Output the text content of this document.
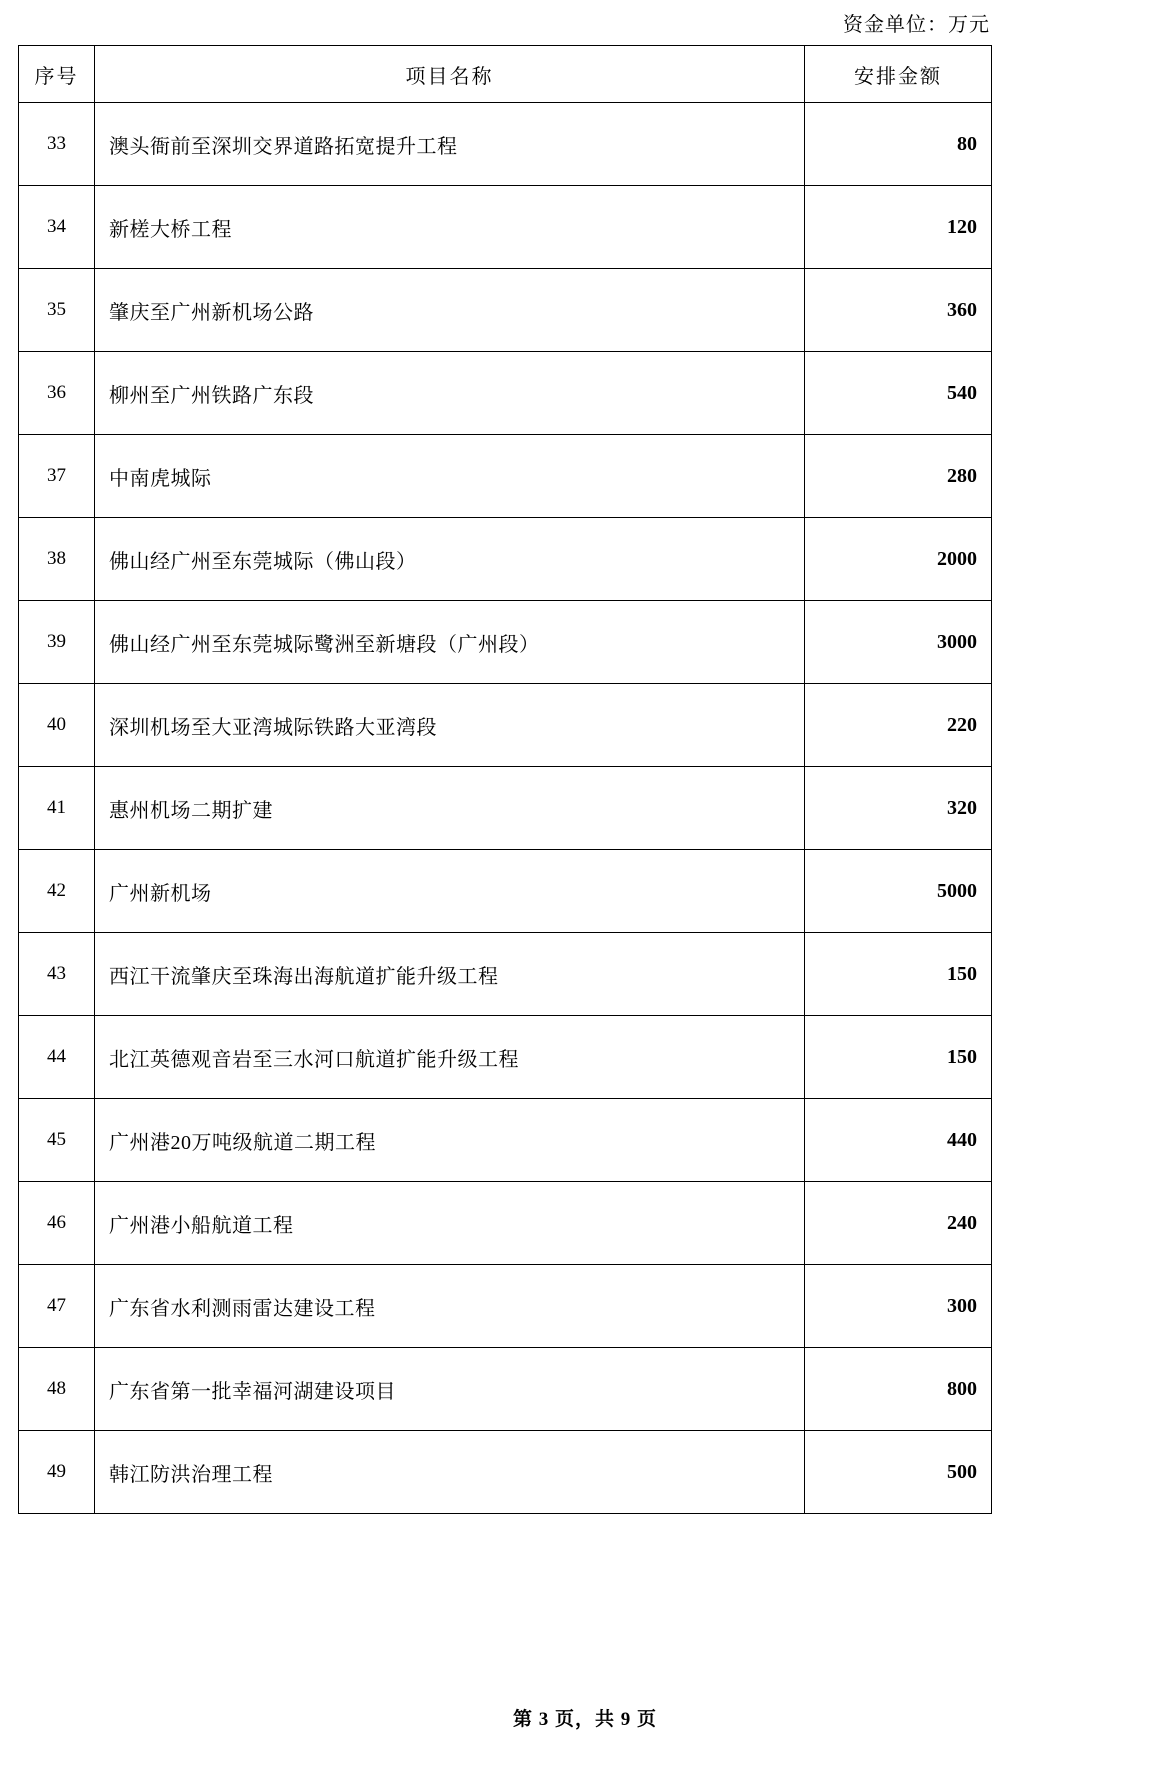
资金单位：万元
序号	项目名称	安排金额
33	澳头衙前至深圳交界道路拓宽提升工程	80
34	新槎大桥工程	120
35	肇庆至广州新机场公路	360
36	柳州至广州铁路广东段	540
37	中南虎城际	280
38	佛山经广州至东莞城际（佛山段）	2000
39	佛山经广州至东莞城际鹭洲至新塘段（广州段）	3000
40	深圳机场至大亚湾城际铁路大亚湾段	220
41	惠州机场二期扩建	320
42	广州新机场	5000
43	西江干流肇庆至珠海出海航道扩能升级工程	150
44	北江英德观音岩至三水河口航道扩能升级工程	150
45	广州港20万吨级航道二期工程	440
46	广州港小船航道工程	240
47	广东省水利测雨雷达建设工程	300
48	广东省第一批幸福河湖建设项目	800
49	韩江防洪治理工程	500
第 3 页，共 9 页
